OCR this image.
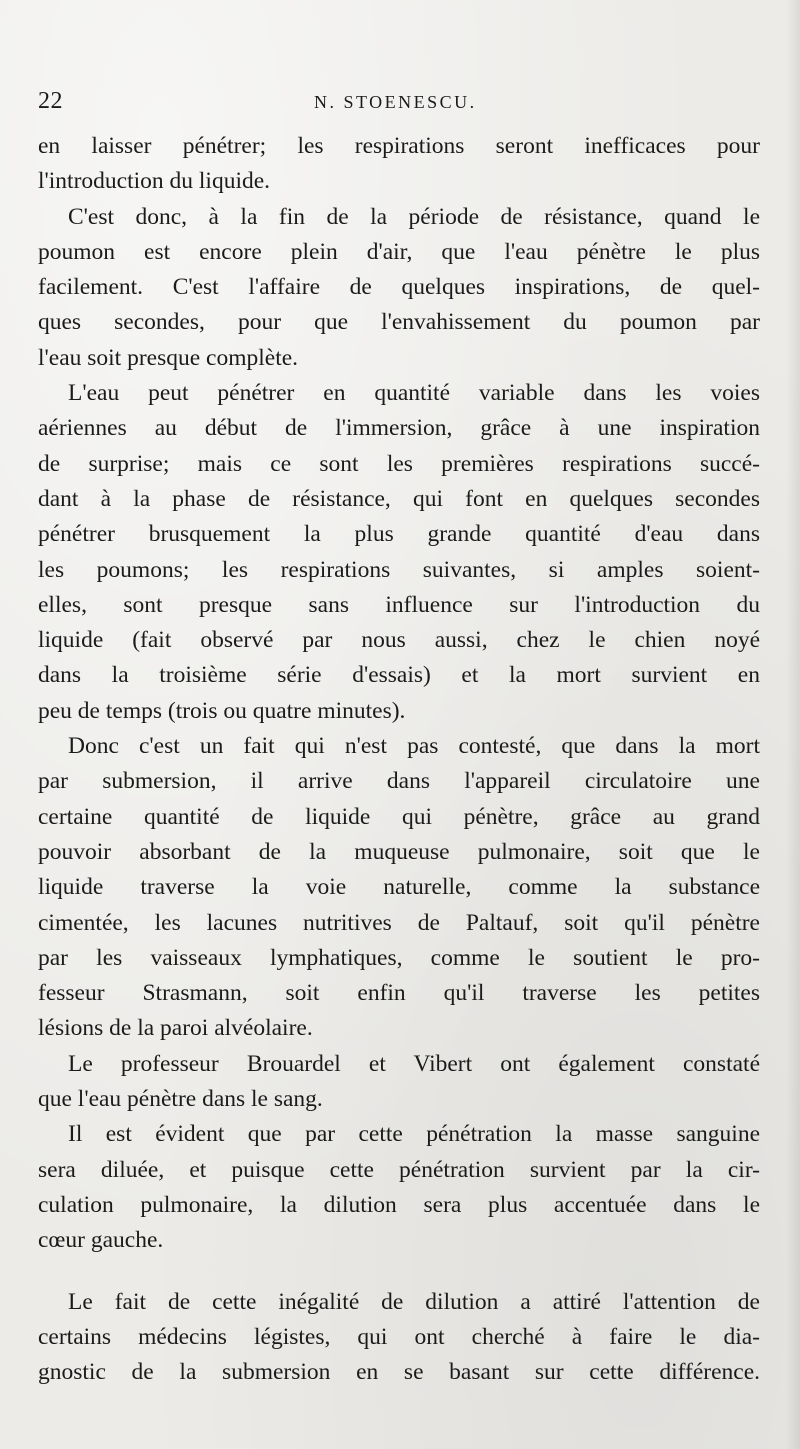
22	N. STOENESCU.
en laisser pénétrer; les respirations seront inefficaces pour
l'introduction du liquide.
C'est donc, à la fin de la période de résistance, quand le
poumon est encore plein d'air, que l'eau pénètre le plus
facilement. C'est l'affaire de quelques inspirations, de quel-
ques secondes, pour que l'envahissement du poumon par
l'eau soit presque complète.
L'eau peut pénétrer en quantité variable dans les voies
aériennes au début de l'immersion, grâce à une inspiration
de surprise; mais ce sont les premières respirations succé-
dant à la phase de résistance, qui font en quelques secondes
pénétrer brusquement la plus grande quantité d'eau dans
les poumons; les respirations suivantes, si amples soient-
elles, sont presque sans influence sur l'introduction du
liquide (fait observé par nous aussi, chez le chien noyé
dans la troisième série d'essais) et la mort survient en
peu de temps (trois ou quatre minutes).
Donc c'est un fait qui n'est pas contesté, que dans la mort
par submersion, il arrive dans l'appareil circulatoire une
certaine quantité de liquide qui pénètre, grâce au grand
pouvoir absorbant de la muqueuse pulmonaire, soit que le
liquide traverse la voie naturelle, comme la substance
cimentée, les lacunes nutritives de Paltauf, soit qu'il pénètre
par les vaisseaux lymphatiques, comme le soutient le pro-
fesseur Strasmann, soit enfin qu'il traverse les petites
lésions de la paroi alvéolaire.
Le professeur Brouardel et Vibert ont également constaté
que l'eau pénètre dans le sang.
Il est évident que par cette pénétration la masse sanguine
sera diluée, et puisque cette pénétration survient par la cir-
culation pulmonaire, la dilution sera plus accentuée dans le
cœur gauche.
Le fait de cette inégalité de dilution a attiré l'attention de
certains médecins légistes, qui ont cherché à faire le dia-
gnostic de la submersion en se basant sur cette différence.
